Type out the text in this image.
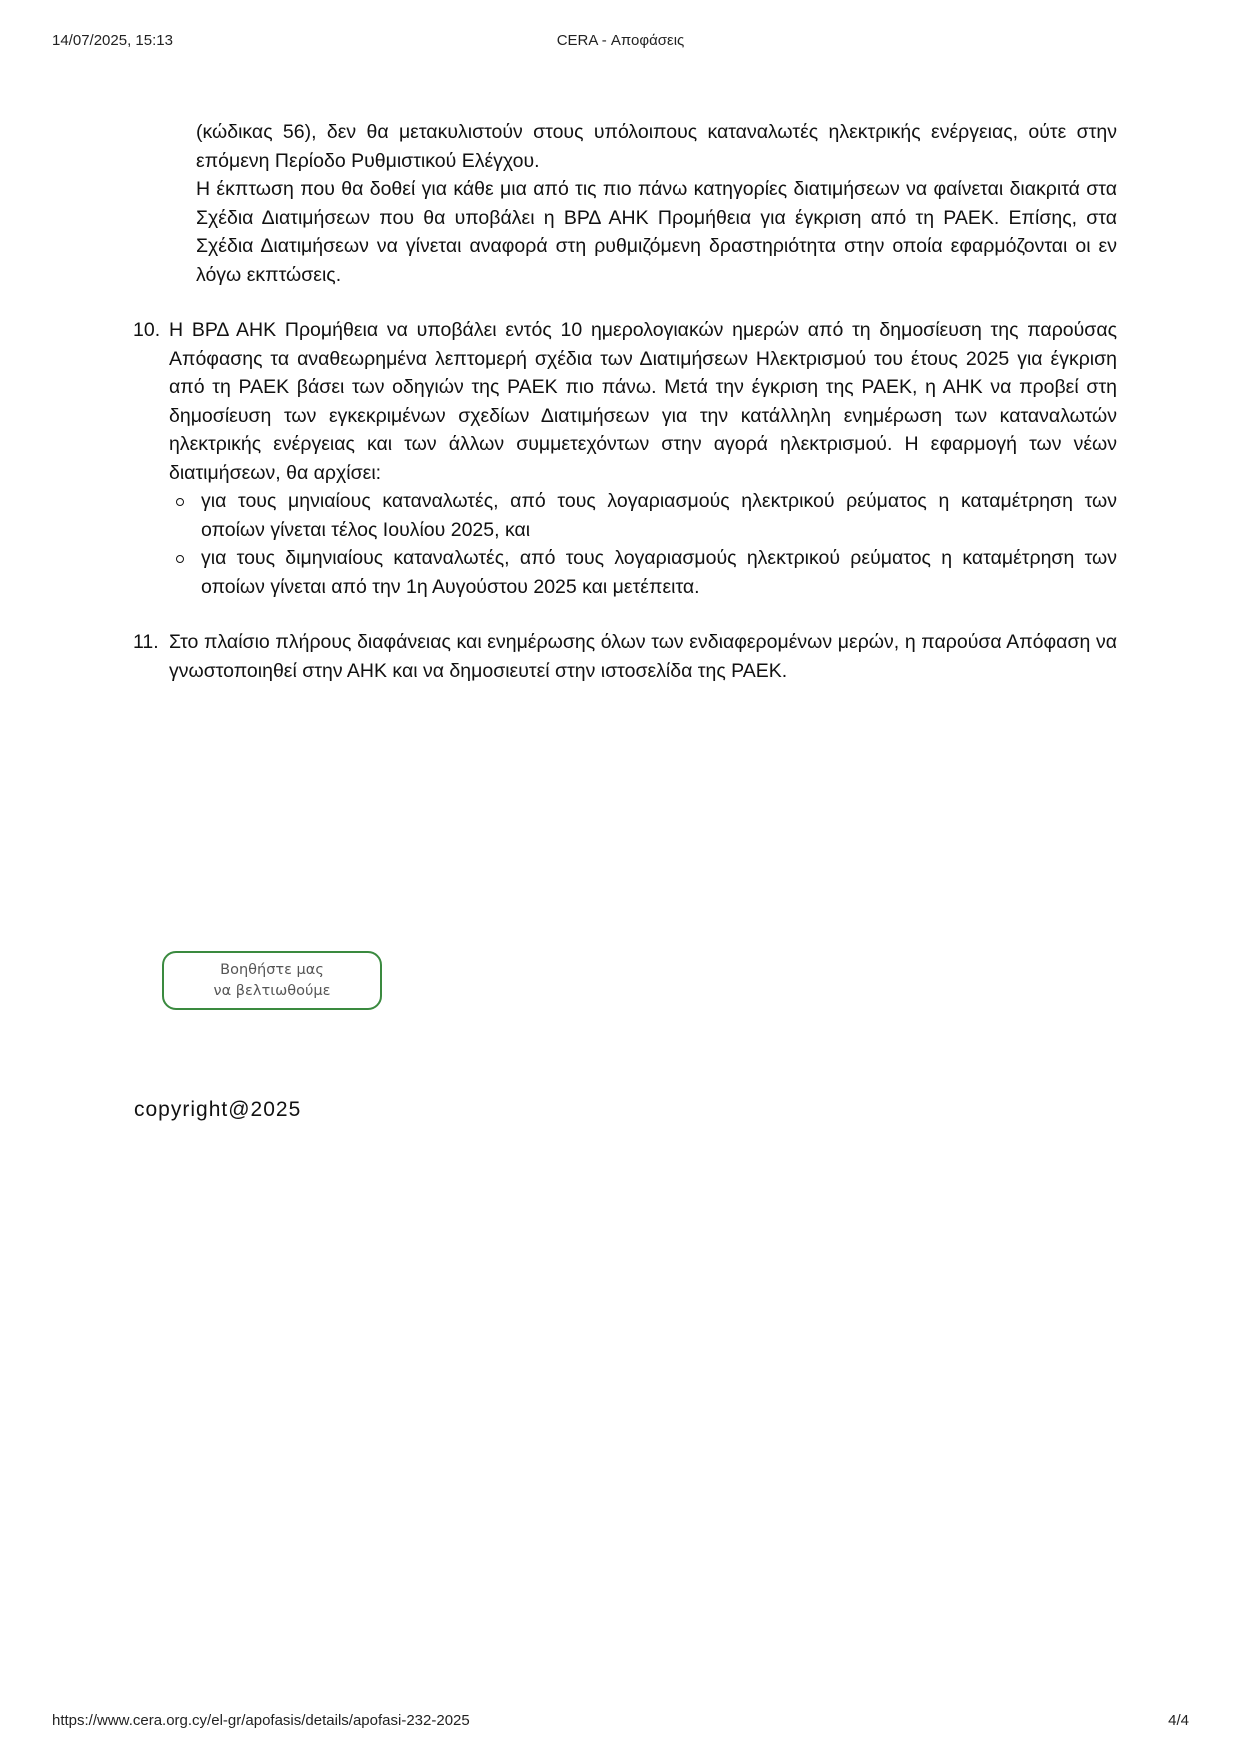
14/07/2025, 15:13	CERA - Αποφάσεις

(κώδικας 56), δεν θα μετακυλιστούν στους υπόλοιπους καταναλωτές ηλεκτρικής ενέργειας, ούτε στην επόμενη Περίοδο Ρυθμιστικού Ελέγχου.

Η έκπτωση που θα δοθεί για κάθε μια από τις πιο πάνω κατηγορίες διατιμήσεων να φαίνεται διακριτά στα Σχέδια Διατιμήσεων που θα υποβάλει η ΒΡΔ ΑΗΚ Προμήθεια για έγκριση από τη ΡΑΕΚ. Επίσης, στα Σχέδια Διατιμήσεων να γίνεται αναφορά στη ρυθμιζόμενη δραστηριότητα στην οποία εφαρμόζονται οι εν λόγω εκπτώσεις.

10. Η ΒΡΔ ΑΗΚ Προμήθεια να υποβάλει εντός 10 ημερολογιακών ημερών από τη δημοσίευση της παρούσας Απόφασης τα αναθεωρημένα λεπτομερή σχέδια των Διατιμήσεων Ηλεκτρισμού του έτους 2025 για έγκριση από τη ΡΑΕΚ βάσει των οδηγιών της ΡΑΕΚ πιο πάνω. Μετά την έγκριση της ΡΑΕΚ, η ΑΗΚ να προβεί στη δημοσίευση των εγκεκριμένων σχεδίων Διατιμήσεων για την κατάλληλη ενημέρωση των καταναλωτών ηλεκτρικής ενέργειας και των άλλων συμμετεχόντων στην αγορά ηλεκτρισμού. Η εφαρμογή των νέων διατιμήσεων, θα αρχίσει:

για τους μηνιαίους καταναλωτές, από τους λογαριασμούς ηλεκτρικού ρεύματος η καταμέτρηση των οποίων γίνεται τέλος Ιουλίου 2025, και
για τους διμηνιαίους καταναλωτές, από τους λογαριασμούς ηλεκτρικού ρεύματος η καταμέτρηση των οποίων γίνεται από την 1η Αυγούστου 2025 και μετέπειτα.
11. Στο πλαίσιο πλήρους διαφάνειας και ενημέρωσης όλων των ενδιαφερομένων μερών, η παρούσα Απόφαση να γνωστοποιηθεί στην ΑΗΚ και να δημοσιευτεί στην ιστοσελίδα της ΡΑΕΚ.

Βοηθήστε μας
να βελτιωθούμε
copyright@2025
https://www.cera.org.cy/el-gr/apofasis/details/apofasi-232-2025	4/4
